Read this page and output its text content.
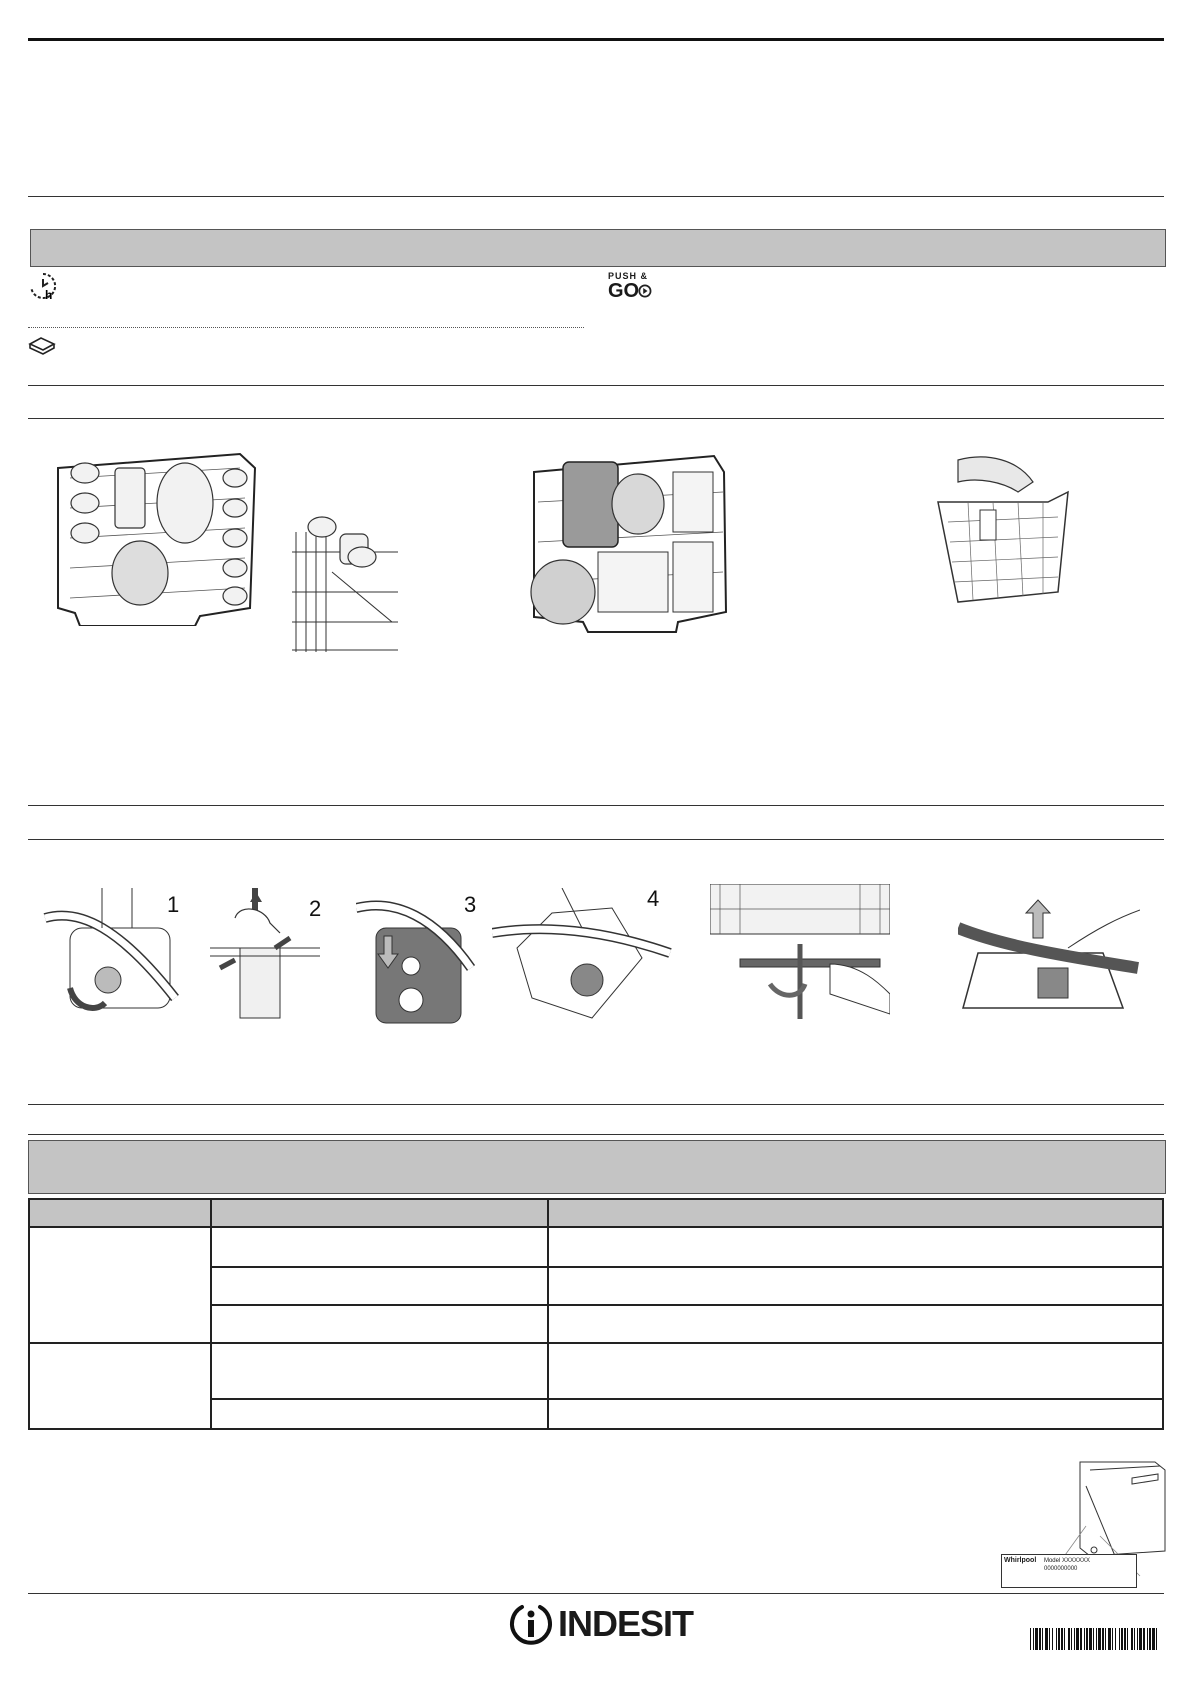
h
PUSH &
GO
1	2	3	4

Whirlpool Model XXXXXXX
0000000000
INDESIT
